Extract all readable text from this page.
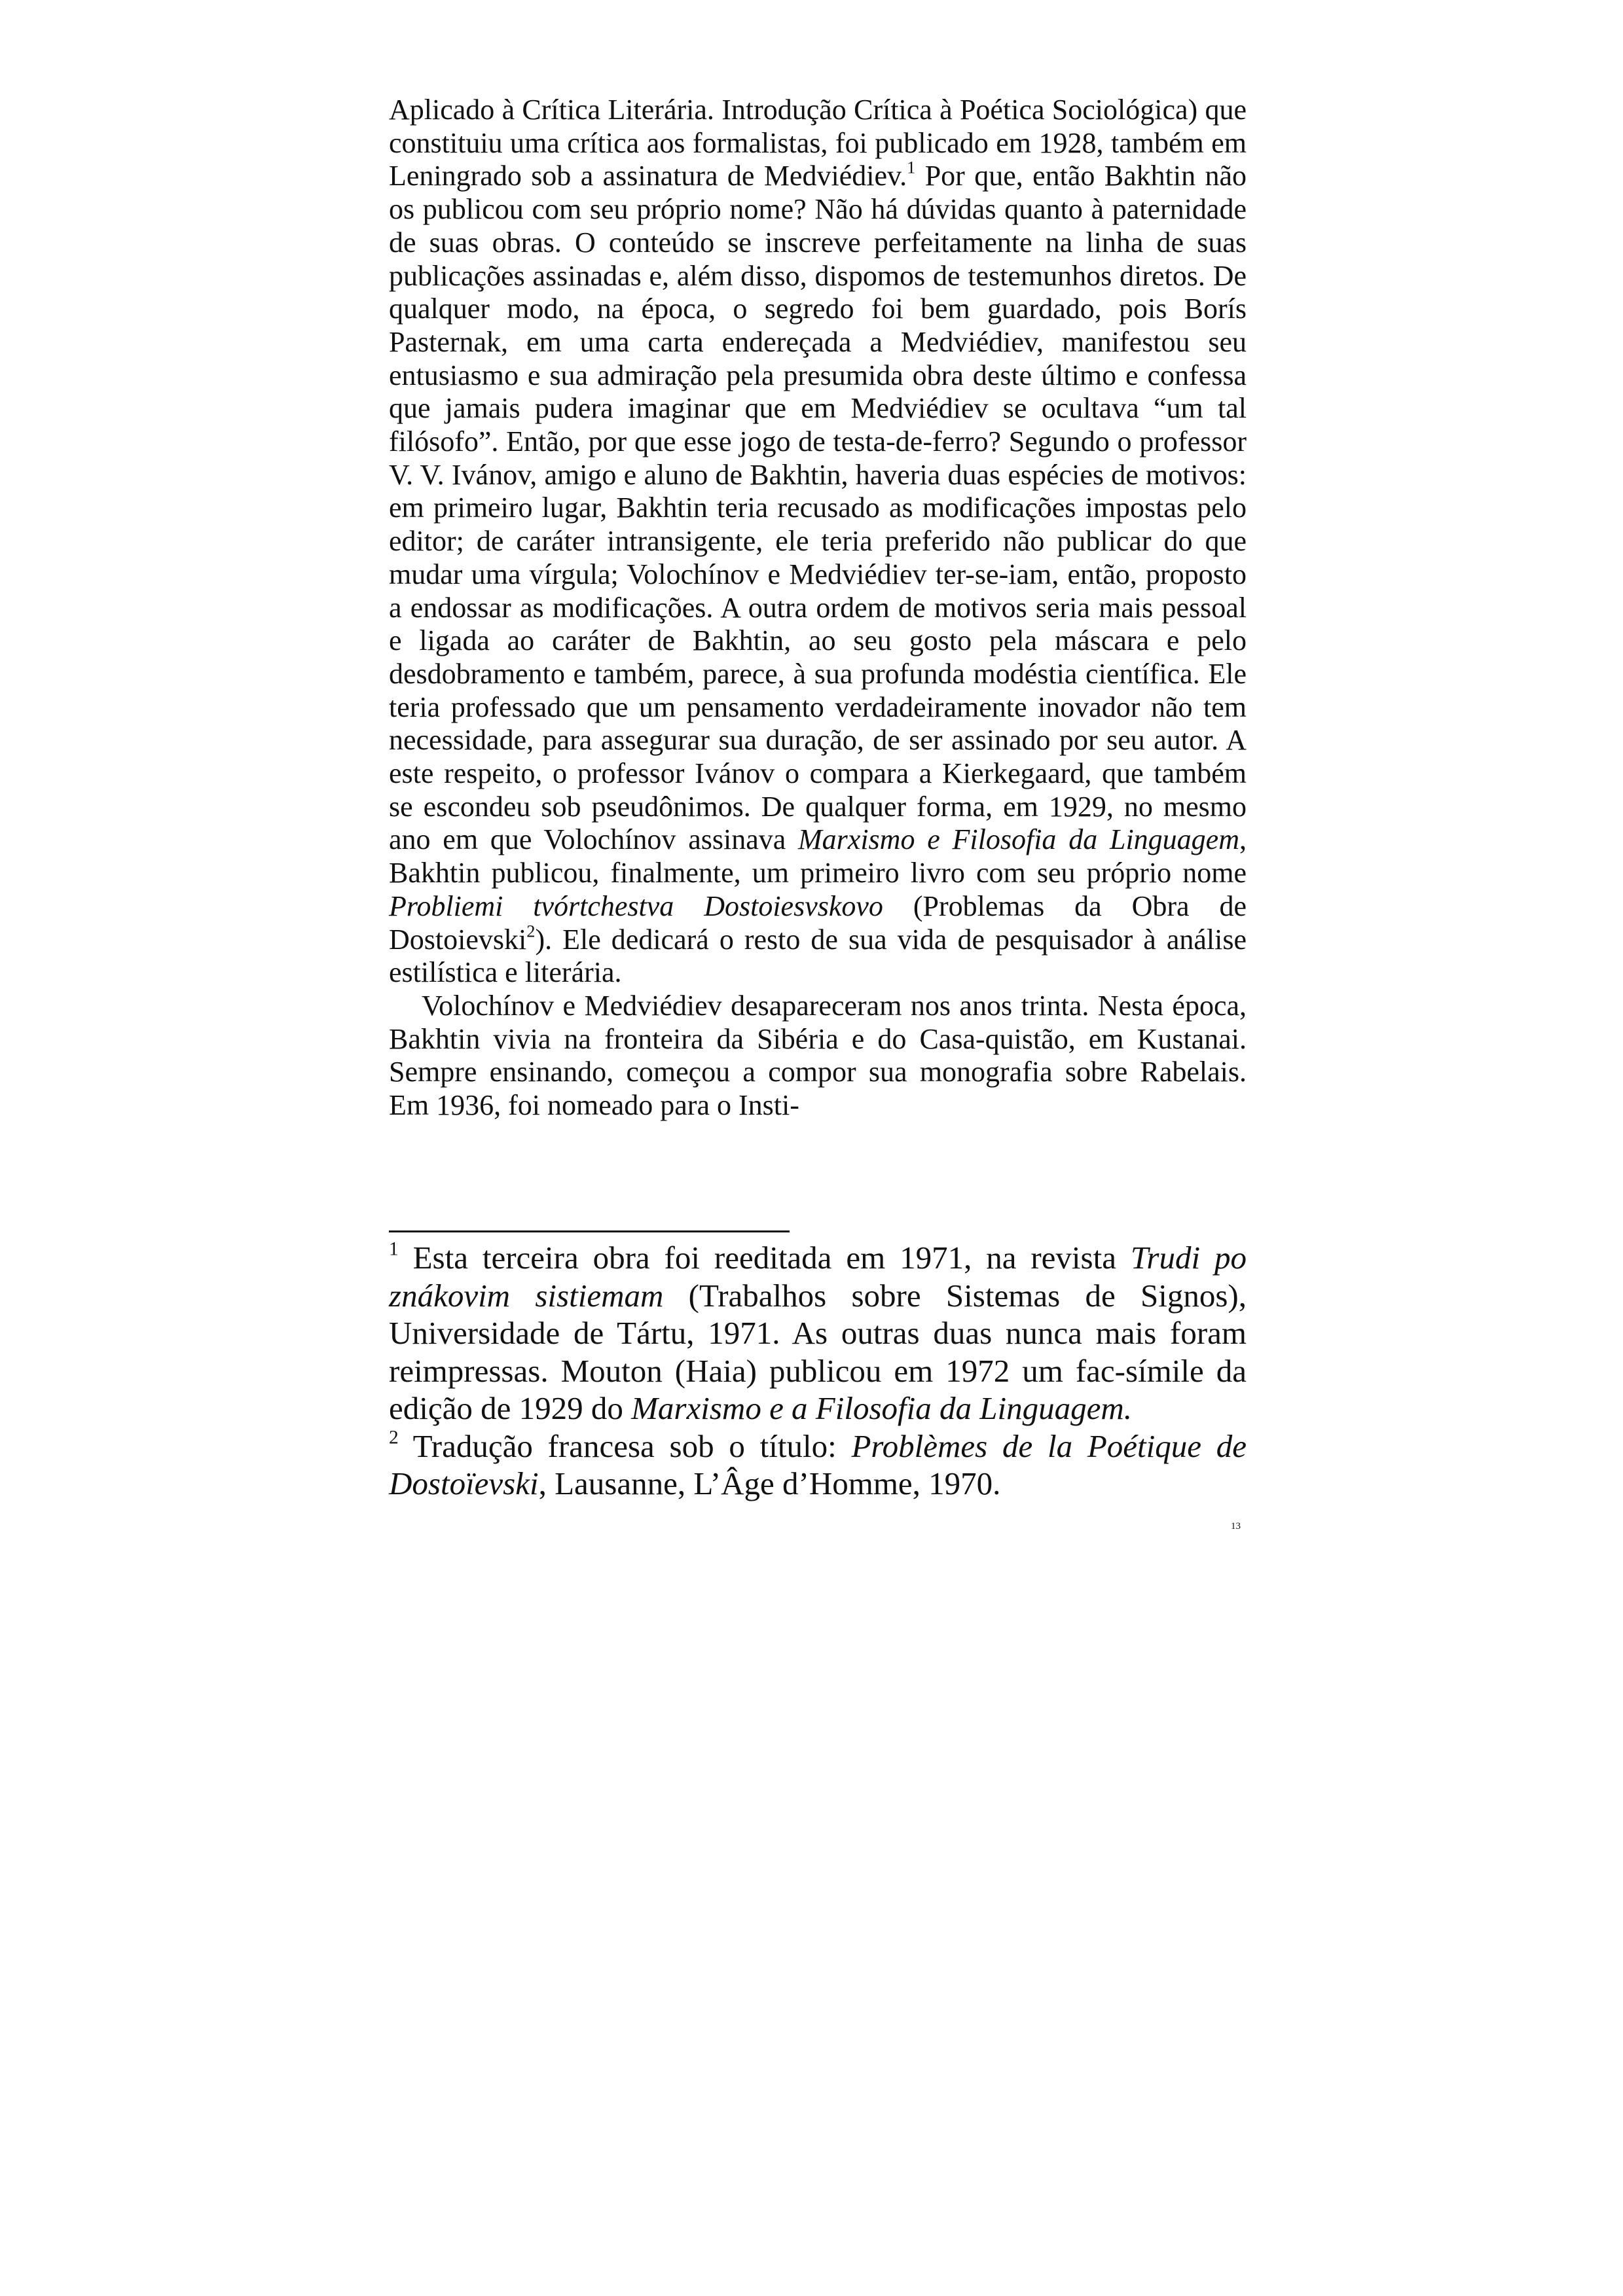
Aplicado à Crítica Literária. Introdução Crítica à Poética Sociológica) que constituiu uma crítica aos formalistas, foi publicado em 1928, também em Leningrado sob a assinatura de Medviédiev.$^1$ Por que, então Bakhtin não os publicou com seu próprio nome? Não há dúvidas quanto à paternidade de suas obras. O conteúdo se inscreve perfeitamente na linha de suas publicações assinadas e, além disso, dispomos de testemunhos diretos. De qualquer modo, na época, o segredo foi bem guardado, pois Borís Pasternak, em uma carta endereçada a Medviédiev, manifestou seu entusiasmo e sua admiração pela presumida obra deste último e confessa que jamais pudera imaginar que em Medviédiev se ocultava “um tal filósofo”. Então, por que esse jogo de testa-de-ferro? Segundo o professor V. V. Ivánov, amigo e aluno de Bakhtin, haveria duas espécies de motivos: em primeiro lugar, Bakhtin teria recusado as modificações impostas pelo editor; de caráter intransigente, ele teria preferido não publicar do que mudar uma vírgula; Volochínov e Medviédiev ter-se-iam, então, proposto a endossar as modificações. A outra ordem de motivos seria mais pessoal e ligada ao caráter de Bakhtin, ao seu gosto pela máscara e pelo desdobramento e também, parece, à sua profunda modéstia científica. Ele teria professado que um pensamento verdadeiramente inovador não tem necessidade, para assegurar sua duração, de ser assinado por seu autor. A este respeito, o professor Ivánov o compara a Kierkegaard, que também se escondeu sob pseudônimos. De qualquer forma, em 1929, no mesmo ano em que Volochínov assinava Marxismo e Filosofia da Linguagem, Bakhtin publicou, finalmente, um primeiro livro com seu próprio nome Probliemi tvórtchestva Dostoiesvskovo (Problemas da Obra de Dostoievski$^2$). Ele dedicará o resto de sua vida de pesquisador à análise estilística e literária.

Volochínov e Medviédiev desapareceram nos anos trinta. Nesta época, Bakhtin vivia na fronteira da Sibéria e do Casa-quistão, em Kustanai. Sempre ensinando, começou a compor sua monografia sobre Rabelais. Em 1936, foi nomeado para o Insti-

$^1$ Esta terceira obra foi reeditada em 1971, na revista Trudi po znákovim sistiemam (Trabalhos sobre Sistemas de Signos), Universidade de Tártu, 1971. As outras duas nunca mais foram reimpressas. Mouton (Haia) publicou em 1972 um fac-símile da edição de 1929 do Marxismo e a Filosofia da Linguagem.

$^2$ Tradução francesa sob o título: Problèmes de la Poétique de Dostoïevski, Lausanne, L’Âge d’Homme, 1970.

13
